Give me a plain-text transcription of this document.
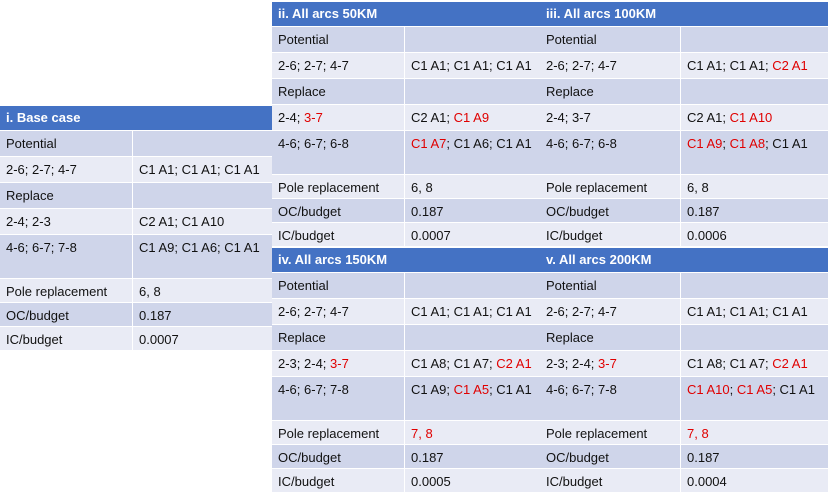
i. Base case
Potential
2-6; 2-7; 4-7	C1 A1; C1 A1; C1 A1
Replace
2-4; 2-3	C2 A1; C1 A10
4-6; 6-7; 7-8	C1 A9; C1 A6; C1 A1
Pole replacement	6, 8
OC/budget	0.187
IC/budget	0.0007
ii. All arcs 50KM
Potential
2-6; 2-7; 4-7	C1 A1; C1 A1; C1 A1
Replace
2-4; 3-7	C2 A1; C1 A9
4-6; 6-7; 6-8	C1 A7; C1 A6; C1 A1
Pole replacement	6, 8
OC/budget	0.187
IC/budget	0.0007
iii. All arcs 100KM
Potential
2-6; 2-7; 4-7	C1 A1; C1 A1; C2 A1
Replace
2-4; 3-7	C2 A1; C1 A10
4-6; 6-7; 6-8	C1 A9; C1 A8; C1 A1
Pole replacement	6, 8
OC/budget	0.187
IC/budget	0.0006
iv. All arcs 150KM
Potential
2-6; 2-7; 4-7	C1 A1; C1 A1; C1 A1
Replace
2-3; 2-4; 3-7	C1 A8; C1 A7; C2 A1
4-6; 6-7; 7-8	C1 A9; C1 A5; C1 A1
Pole replacement	7, 8
OC/budget	0.187
IC/budget	0.0005
v. All arcs 200KM
Potential
2-6; 2-7; 4-7	C1 A1; C1 A1; C1 A1
Replace
2-3; 2-4; 3-7	C1 A8; C1 A7; C2 A1
4-6; 6-7; 7-8	C1 A10; C1 A5; C1 A1
Pole replacement	7, 8
OC/budget	0.187
IC/budget	0.0004
